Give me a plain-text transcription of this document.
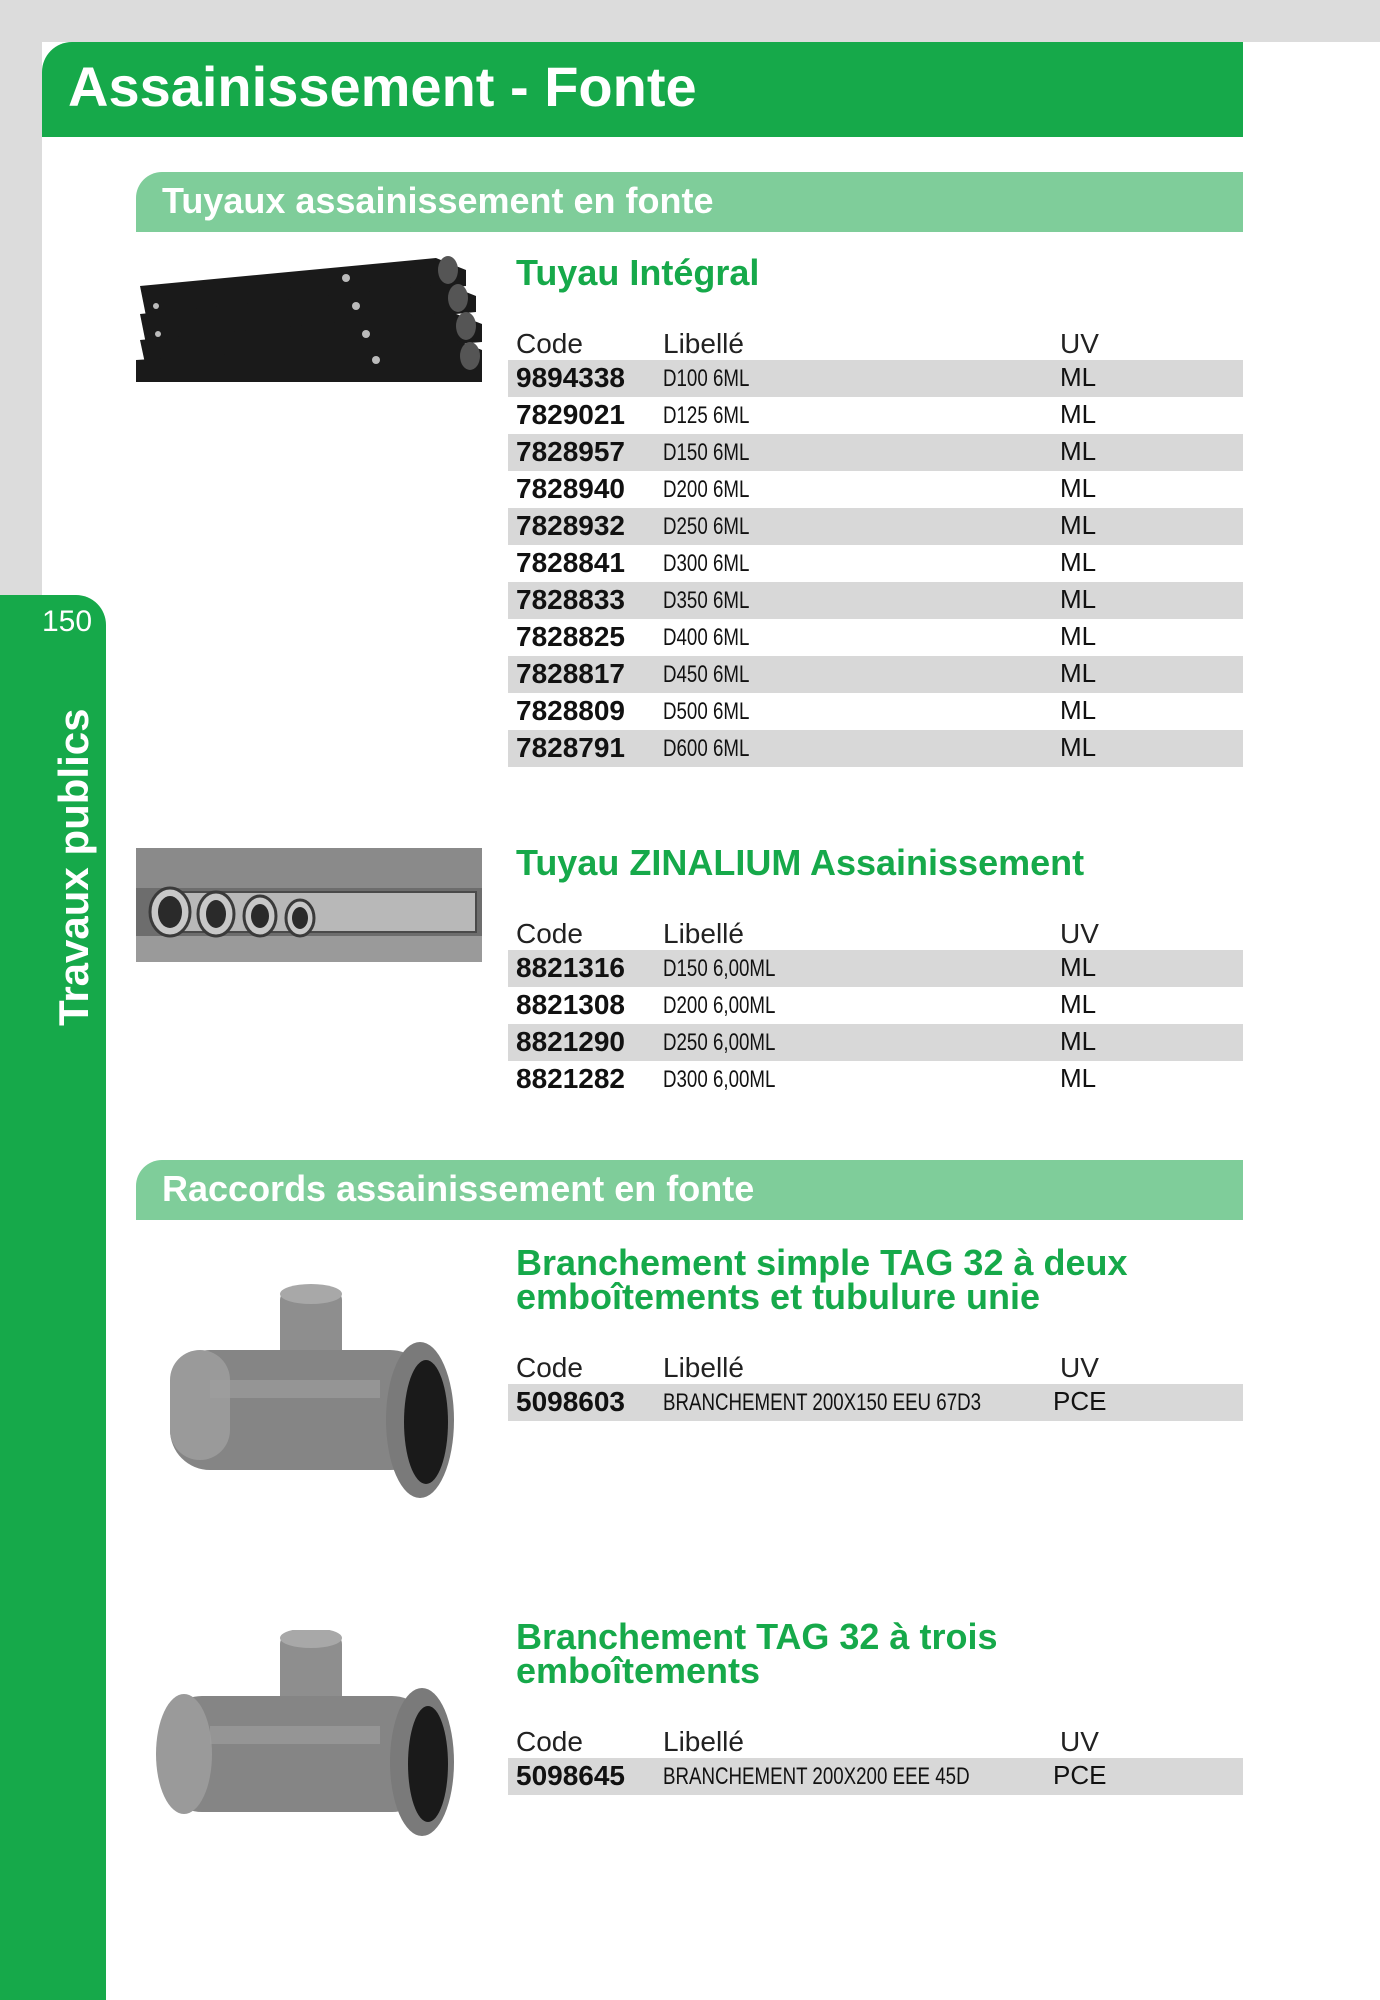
150
Travaux publics
Assainissement - Fonte
Tuyaux assainissement en fonte
Tuyau Intégral
Code	Libellé	UV
9894338 D100 6ML	ML
7829021 D125 6ML	ML
7828957 D150 6ML	ML
7828940 D200 6ML	ML
7828932 D250 6ML	ML
7828841 D300 6ML	ML
7828833 D350 6ML	ML
7828825 D400 6ML	ML
7828817 D450 6ML	ML
7828809 D500 6ML	ML
7828791 D600 6ML	ML
Tuyau ZINALIUM Assainissement
Code	Libellé	UV
8821316 D150 6,00ML	ML
8821308 D200 6,00ML	ML
8821290 D250 6,00ML	ML
8821282 D300 6,00ML	ML
Raccords assainissement en fonte
Branchement simple TAG 32 à deux
emboîtements et tubulure unie
Code	Libellé	UV
5098603 BRANCHEMENT 200X150 EEU 67D3	PCE
Branchement TAG 32 à trois
emboîtements
Code	Libellé	UV
5098645 BRANCHEMENT 200X200 EEE 45D	PCE
